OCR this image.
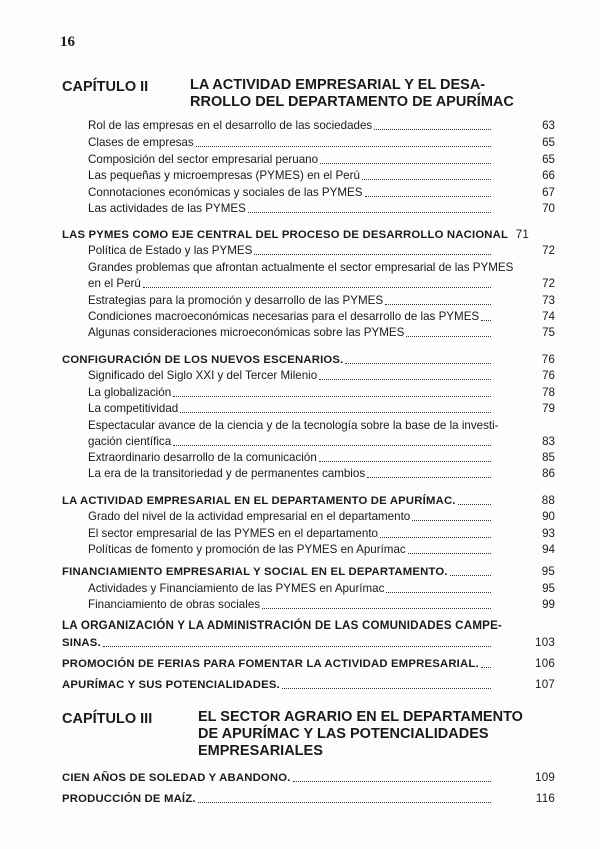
16
CAPÍTULO II	LA ACTIVIDAD EMPRESARIAL Y EL DESA-
RROLLO DEL DEPARTAMENTO DE APURÍMAC
Rol de las empresas en el desarrollo de las sociedades	63
Clases de empresas	65
Composición del sector empresarial peruano	65
Las pequeñas y microempresas (PYMES) en el Perú	66
Connotaciones económicas y sociales de las PYMES	67
Las actividades de las PYMES	70
LAS PYMES COMO EJE CENTRAL DEL PROCESO DE DESARROLLO NACIONAL 71
Política de Estado y las PYMES	72
Grandes problemas que afrontan actualmente el sector empresarial de las PYMES
en el Perú	72
Estrategias para la promoción y desarrollo de las PYMES	73
Condiciones macroeconómicas necesarias para el desarrollo de las PYMES	74
Algunas consideraciones microeconómicas sobre las PYMES	75
CONFIGURACIÓN DE LOS NUEVOS ESCENARIOS.	76
Significado del Siglo XXI y del Tercer Milenio	76
La globalización	78
La competitividad	79
Espectacular avance de la ciencia y de la tecnología sobre la base de la investi-
gación científica	83
Extraordinario desarrollo de la comunicación	85
La era de la transitoriedad y de permanentes cambios	86
LA ACTIVIDAD EMPRESARIAL EN EL DEPARTAMENTO DE APURÍMAC.	88
Grado del nivel de la actividad empresarial en el departamento	90
El sector empresarial de las PYMES en el departamento	93
Políticas de fomento y promoción de las PYMES en Apurímac	94
FINANCIAMIENTO EMPRESARIAL Y SOCIAL EN EL DEPARTAMENTO.	95
Actividades y Financiamiento de las PYMES en Apurímac	95
Financiamiento de obras sociales	99
LA ORGANIZACIÓN Y LA ADMINISTRACIÓN DE LAS COMUNIDADES CAMPE-
SINAS.	103
PROMOCIÓN DE FERIAS PARA FOMENTAR LA ACTIVIDAD EMPRESARIAL.	106
APURÍMAC Y SUS POTENCIALIDADES.	107
CAPÍTULO III	EL SECTOR AGRARIO EN EL DEPARTAMENTO
DE APURÍMAC Y LAS POTENCIALIDADES
EMPRESARIALES
CIEN AÑOS DE SOLEDAD Y ABANDONO.	109
PRODUCCIÓN DE MAÍZ.	116
